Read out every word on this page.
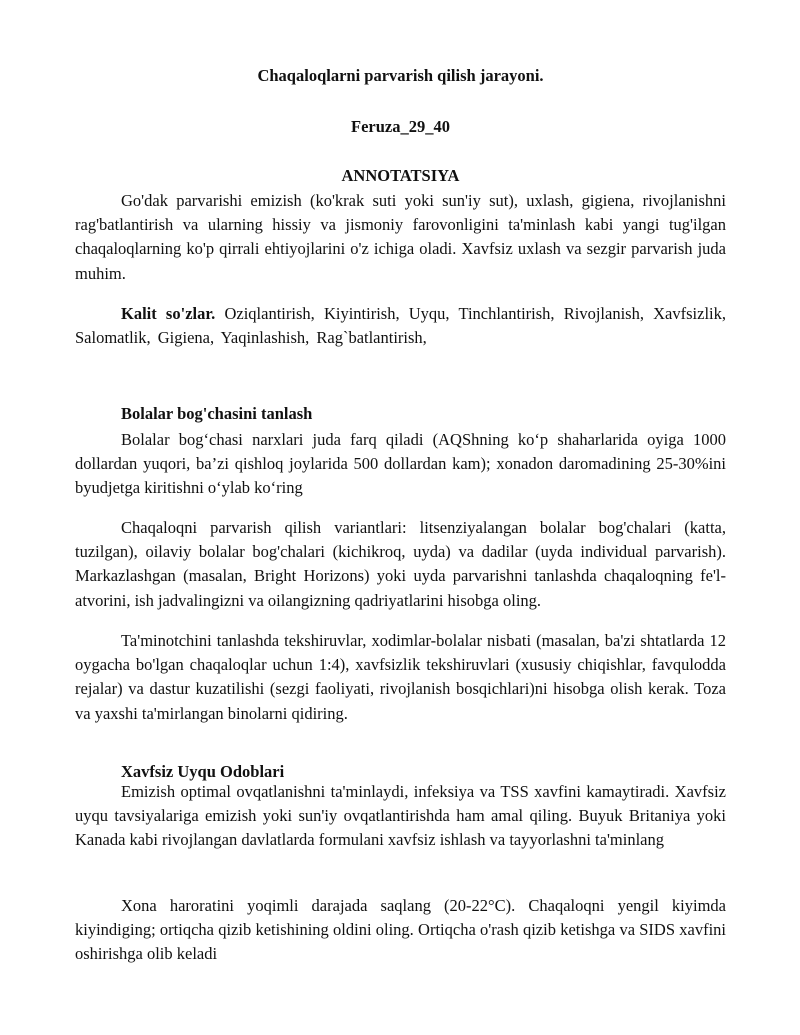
Chaqaloqlarni parvarish qilish jarayoni.
Feruza_29_40
ANNOTATSIYA

Go'dak parvarishi emizish (ko'krak suti yoki sun'iy sut), uxlash, gigiena, rivojlanishni rag'batlantirish va ularning hissiy va jismoniy farovonligini ta'minlash kabi yangi tug'ilgan chaqaloqlarning ko'p qirrali ehtiyojlarini o'z ichiga oladi. Xavfsiz uxlash va sezgir parvarish juda muhim.

Kalit so'zlar. Oziqlantirish, Kiyintirish, Uyqu, Tinchlantirish, Rivojlanish, Xavfsizlik, Salomatlik, Gigiena, Yaqinlashish, Rag`batlantirish,

Bolalar bog'chasini tanlash

Bolalar bog‘chasi narxlari juda farq qiladi (AQShning ko‘p shaharlarida oyiga 1000 dollardan yuqori, ba’zi qishloq joylarida 500 dollardan kam); xonadon daromadining 25-30%ini byudjetga kiritishni o‘ylab ko‘ring

Chaqaloqni parvarish qilish variantlari: litsenziyalangan bolalar bog'chalari (katta, tuzilgan), oilaviy bolalar bog'chalari (kichikroq, uyda) va dadilar (uyda individual parvarish). Markazlashgan (masalan, Bright Horizons) yoki uyda parvarishni tanlashda chaqaloqning fe'l-atvorini, ish jadvalingizni va oilangizning qadriyatlarini hisobga oling.

Ta'minotchini tanlashda tekshiruvlar, xodimlar-bolalar nisbati (masalan, ba'zi shtatlarda 12 oygacha bo'lgan chaqaloqlar uchun 1:4), xavfsizlik tekshiruvlari (xususiy chiqishlar, favqulodda rejalar) va dastur kuzatilishi (sezgi faoliyati, rivojlanish bosqichlari)ni hisobga olish kerak. Toza va yaxshi ta'mirlangan binolarni qidiring.

Xavfsiz Uyqu Odoblari

Emizish optimal ovqatlanishni ta'minlaydi, infeksiya va TSS xavfini kamaytiradi. Xavfsiz uyqu tavsiyalariga emizish yoki sun'iy ovqatlantirishda ham amal qiling. Buyuk Britaniya yoki Kanada kabi rivojlangan davlatlarda formulani xavfsiz ishlash va tayyorlashni ta'minlang

Xona haroratini yoqimli darajada saqlang (20-22°C). Chaqaloqni yengil kiyimda kiyindiging; ortiqcha qizib ketishining oldini oling. Ortiqcha o'rash qizib ketishga va SIDS xavfini oshirishga olib keladi
